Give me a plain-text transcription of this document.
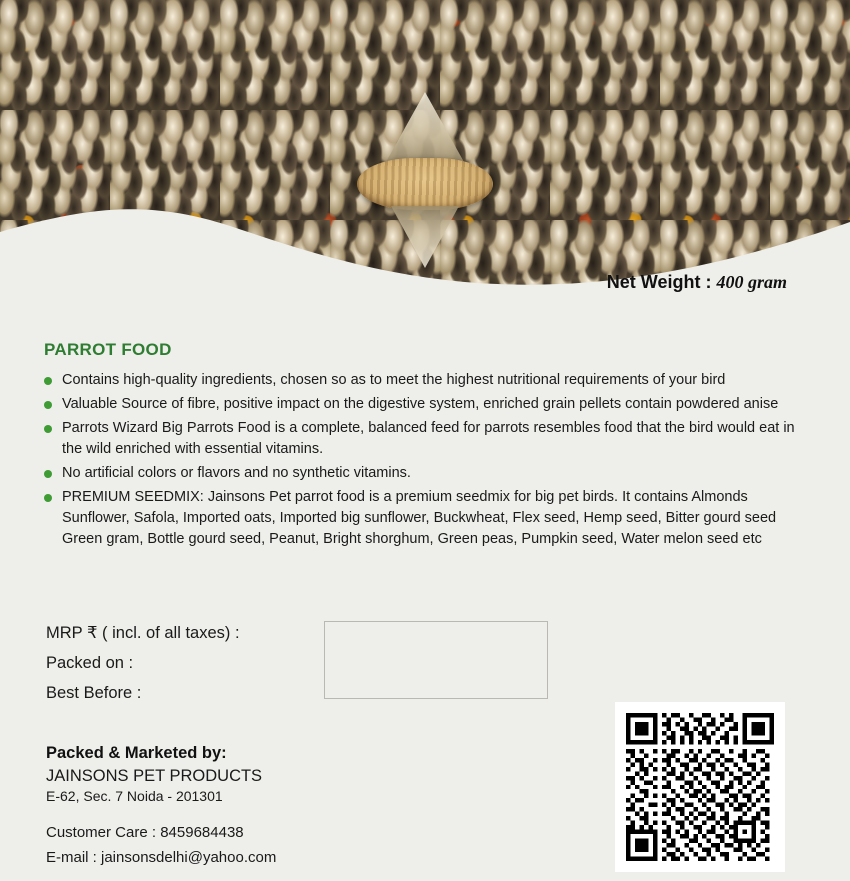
Net Weight : 400 gram
PARROT FOOD
Contains high-quality ingredients, chosen so as to meet the highest nutritional requirements of your bird
Valuable Source of fibre, positive impact on the digestive system, enriched grain pellets contain powdered anise
Parrots Wizard Big Parrots Food is a complete, balanced feed for parrots resembles food that the bird would eat in the wild enriched with essential vitamins.
No artificial colors or flavors and no synthetic vitamins.
PREMIUM SEEDMIX: Jainsons Pet parrot food is a premium seedmix for big pet birds. It contains Almonds Sunflower, Safola, Imported oats, Imported big sunflower, Buckwheat, Flex seed, Hemp seed, Bitter gourd seed Green gram, Bottle gourd seed, Peanut, Bright shorghum, Green peas, Pumpkin seed, Water melon seed etc
MRP ₹ ( incl. of all taxes) :
Packed on :
Best Before :
Packed & Marketed by:
JAINSONS PET PRODUCTS
E-62, Sec. 7 Noida - 201301
Customer Care : 8459684438
E-mail : jainsonsdelhi@yahoo.com
